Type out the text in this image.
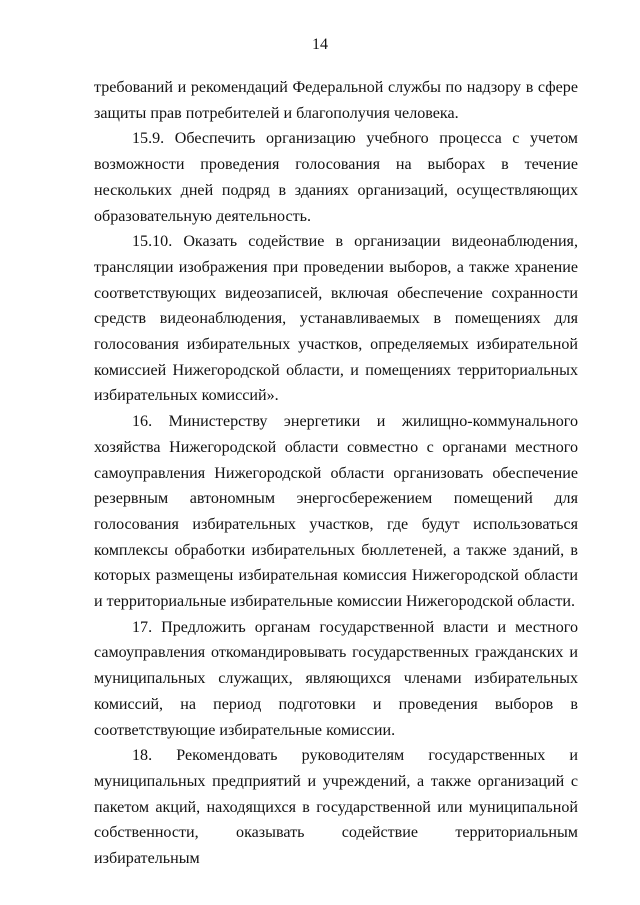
14

требований и рекомендаций Федеральной службы по надзору в сфере защиты прав потребителей и благополучия человека.

15.9. Обеспечить организацию учебного процесса с учетом возможности проведения голосования на выборах в течение нескольких дней подряд в зданиях организаций, осуществляющих образовательную деятельность.

15.10. Оказать содействие в организации видеонаблюдения, трансляции изображения при проведении выборов, а также хранение соответствующих видеозаписей, включая обеспечение сохранности средств видеонаблюдения, устанавливаемых в помещениях для голосования избирательных участков, определяемых избирательной комиссией Нижегородской области, и помещениях территориальных избирательных комиссий».

16. Министерству энергетики и жилищно-коммунального хозяйства Нижегородской области совместно с органами местного самоуправления Нижегородской области организовать обеспечение резервным автономным энергосбережением помещений для голосования избирательных участков, где будут использоваться комплексы обработки избирательных бюллетеней, а также зданий, в которых размещены избирательная комиссия Нижегородской области и территориальные избирательные комиссии Нижегородской области.

17. Предложить органам государственной власти и местного самоуправления откомандировывать государственных гражданских и муниципальных служащих, являющихся членами избирательных комиссий, на период подготовки и проведения выборов в соответствующие избирательные комиссии.

18. Рекомендовать руководителям государственных и муниципальных предприятий и учреждений, а также организаций с пакетом акций, находящихся в государственной или муниципальной собственности, оказывать содействие территориальным избирательным
